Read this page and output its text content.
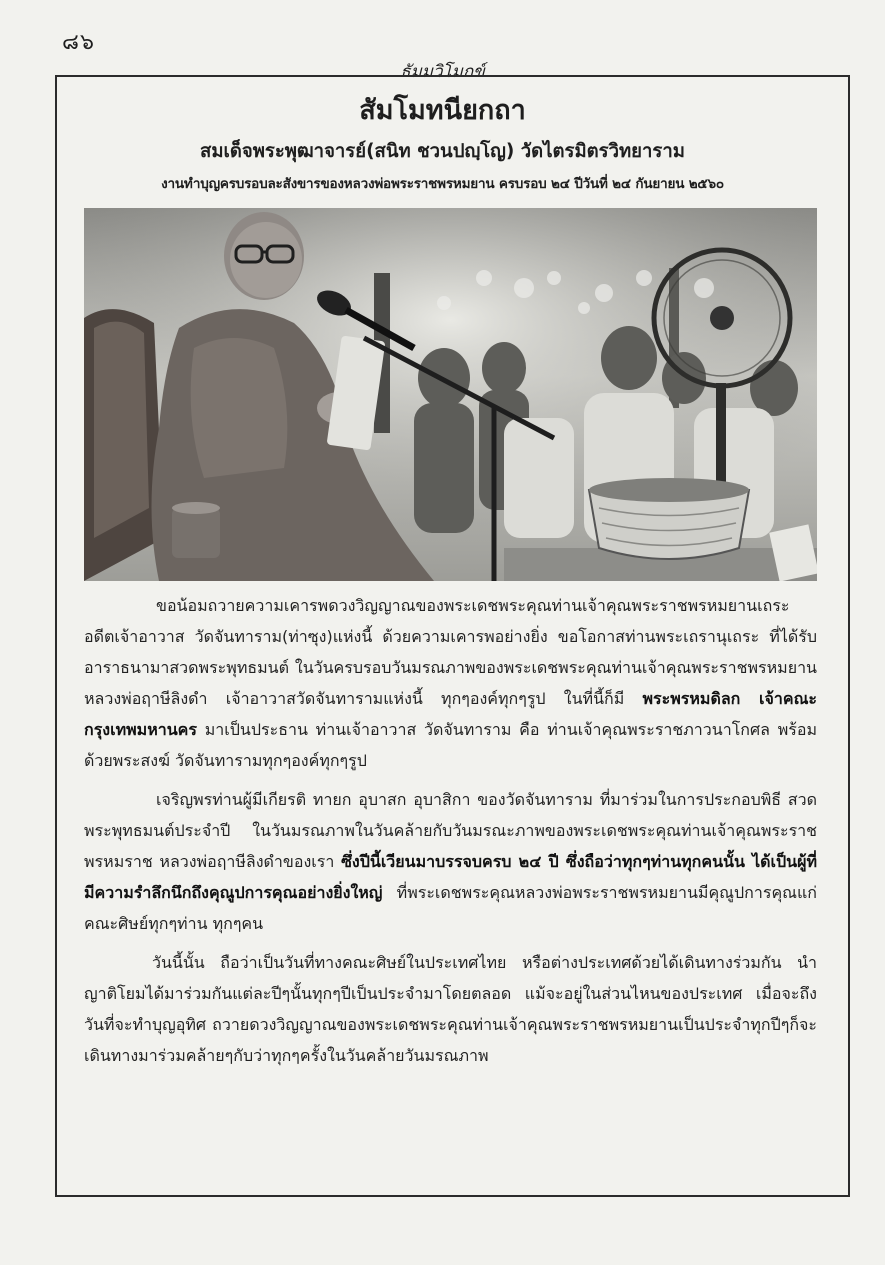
๘๖
ธัมมวิโมกข์
สัมโมทนียกถา
สมเด็จพระพุฒาจารย์(สนิท ชวนปญฺโญ) วัดไตรมิตรวิทยาราม
งานทำบุญครบรอบละสังขารของหลวงพ่อพระราชพรหมยาน ครบรอบ ๒๔ ปีวันที่ ๒๔ กันยายน ๒๕๖๐

ขอน้อมถวายความเคารพดวงวิญญาณของพระเดชพระคุณท่านเจ้าคุณพระราชพรหมยานเถระ อดีตเจ้าอาวาส วัดจันทาราม(ท่าซุง)แห่งนี้ ด้วยความเคารพอย่างยิ่ง ขอโอกาสท่านพระเถรานุเถระ ที่ได้รับอาราธนามาสวดพระพุทธมนต์ ในวันครบรอบวันมรณภาพของพระเดชพระคุณท่านเจ้าคุณพระราชพรหมยาน หลวงพ่อฤาษีลิงดำ เจ้าอาวาสวัดจันทารามแห่งนี้ ทุกๆองค์ทุกๆรูป ในที่นี้ก็มี พระพรหมดิลก เจ้าคณะกรุงเทพมหานคร มาเป็นประธาน ท่านเจ้าอาวาส วัดจันทาราม คือ ท่านเจ้าคุณพระราชภาวนาโกศล พร้อมด้วยพระสงฆ์ วัดจันทารามทุกๆองค์ทุกๆรูป

เจริญพรท่านผู้มีเกียรติ ทายก อุบาสก อุบาสิกา ของวัดจันทาราม ที่มาร่วมในการประกอบพิธี สวดพระพุทธมนต์ประจำปี ในวันมรณภาพในวันคล้ายกับวันมรณะภาพของพระเดชพระคุณท่านเจ้าคุณพระราชพรหมราช หลวงพ่อฤาษีลิงดำของเรา ซึ่งปีนี้เวียนมาบรรจบครบ ๒๔ ปี ซึ่งถือว่าทุกๆท่านทุกคนนั้น ได้เป็นผู้ที่มีความรำลึกนึกถึงคุณูปการคุณอย่างยิ่งใหญ่ ที่พระเดชพระคุณหลวงพ่อพระราชพรหมยานมีคุณูปการคุณแก่คณะศิษย์ทุกๆท่าน ทุกๆคน

วันนี้นั้น ถือว่าเป็นวันที่ทางคณะศิษย์ในประเทศไทย หรือต่างประเทศด้วยได้เดินทางร่วมกัน นำญาติโยมได้มาร่วมกันแต่ละปีๆนั้นทุกๆปีเป็นประจำมาโดยตลอด แม้จะอยู่ในส่วนไหนของประเทศ เมื่อจะถึงวันที่จะทำบุญอุทิศ ถวายดวงวิญญาณของพระเดชพระคุณท่านเจ้าคุณพระราชพรหมยานเป็นประจำทุกปีๆก็จะเดินทางมาร่วมคล้ายๆกับว่าทุกๆครั้งในวันคล้ายวันมรณภาพ
